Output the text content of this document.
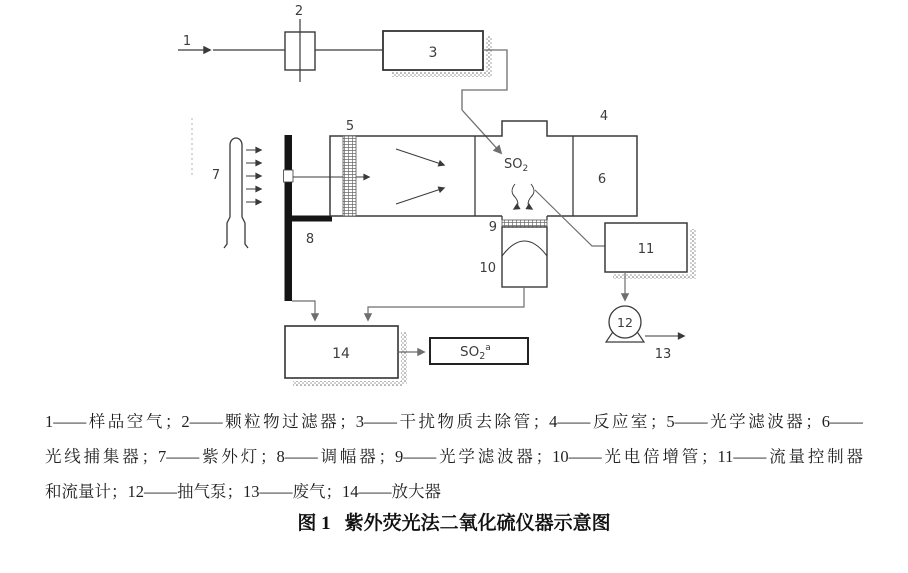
1
2
3
7
8
4
6
5
$SO_2$
9
10
11
12
13
14	$SO_2^a$
1——样品空气；2——颗粒物过滤器；3——干扰物质去除管；4——反应室；5——光学滤波器；6——
光线捕集器；7——紫外灯；8——调幅器；9——光学滤波器；10——光电倍增管；11——流量控制器
和流量计；12——抽气泵；13——废气；14——放大器
图 1 紫外荧光法二氧化硫仪器示意图
